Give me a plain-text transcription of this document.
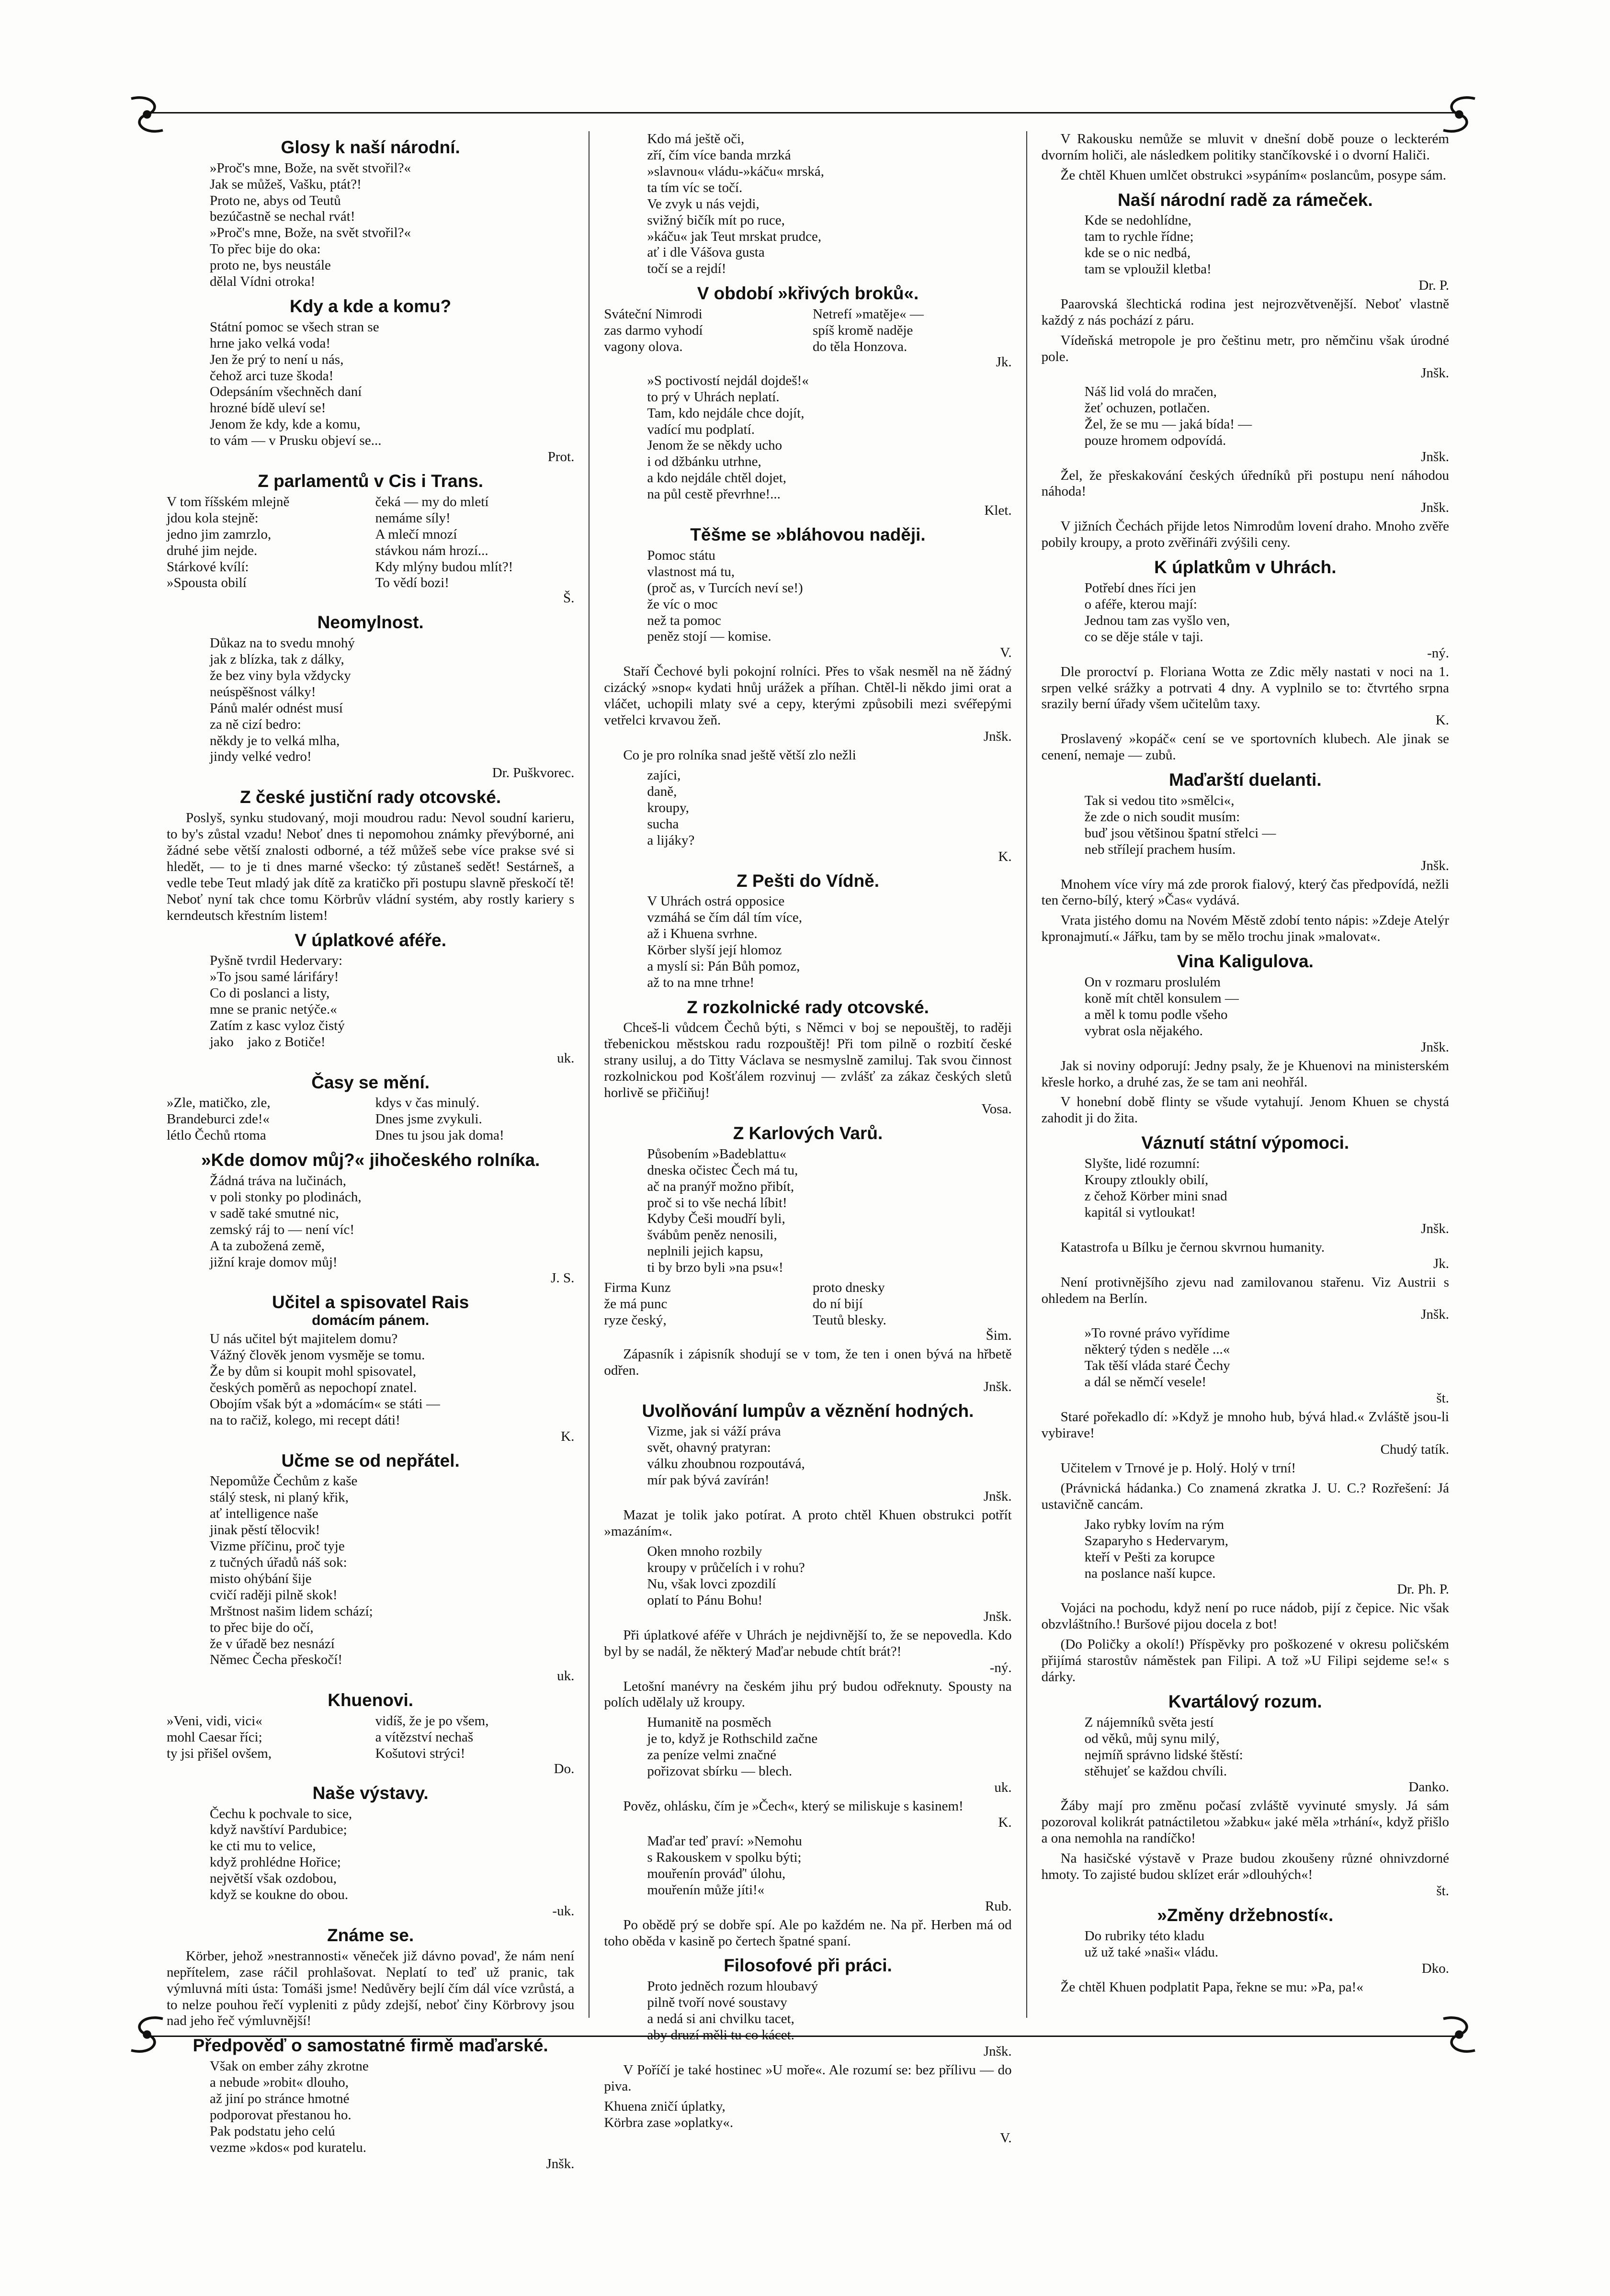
Glosy k naší národní.
»Proč's mne, Bože, na svět stvořil?«
Jak se můžeš, Vašku, ptát?!
Proto ne, abys od Teutů
bezúčastně se nechal rvát!
»Proč's mne, Bože, na svět stvořil?«
To přec bije do oka:
proto ne, bys neustále
dělal Vídni otroka!
Kdy a kde a komu?
Státní pomoc se všech stran se
hrne jako velká voda!
Jen že prý to není u nás,
čehož arci tuze škoda!
Odepsáním všechněch daní
hrozné bídě uleví se!
Jenom že kdy, kde a komu,
to vám — v Prusku objeví se...
Prot.
Z parlamentů v Cis i Trans.
V tom říšském mlejně
jdou kola stejně:
jedno jim zamrzlo,
druhé jim nejde.
Stárkové kvílí:
»Spousta obilí
čeká — my do mletí
nemáme síly!
A mlečí mnozí
stávkou nám hrozí...
Kdy mlýny budou mlít?!
To vědí bozi!
Š.
Neomylnost.
Důkaz na to svedu mnohý
jak z blízka, tak z dálky,
že bez viny byla vždycky
neúspěšnost války!
Pánů malér odnést musí
za ně cizí bedro:
někdy je to velká mlha,
jindy velké vedro!
Dr. Puškvorec.
Z české justiční rady otcovské.
Poslyš, synku studovaný, moji moudrou radu: Nevol soudní karieru, to by's zůstal vzadu! Neboť dnes ti nepomohou známky převýborné, ani žádné sebe větší znalosti odborné, a též můžeš sebe více prakse své si hledět, — to je ti dnes marné všecko: tý zůstaneš sedět! Sestárneš, a vedle tebe Teut mladý jak dítě za kratičko při postupu slavně přeskočí tě! Neboť nyní tak chce tomu Körbrův vládní systém, aby rostly kariery s kerndeutsch křestním listem!
V úplatkové aféře.
Pyšně tvrdil Hedervary:
»To jsou samé lárifáry!
Co di poslanci a listy,
mne se pranic netýče.«
Zatím z kasc vyloz čistý
jako    jako z Botiče!
uk.
Časy se mění.
»Zle, matičko, zle,
Brandeburci zde!«
létlo Čechů rtoma
kdys v čas minulý.
Dnes jsme zvykuli.
Dnes tu jsou jak doma!
»Kde domov můj?« jihočeského rolníka.
Žádná tráva na lučinách,
v poli stonky po plodinách,
v sadě také smutné nic,
zemský ráj to — není víc!
A ta zubožená země,
jižní kraje domov můj!
J. S.
Učitel a spisovatel Rais
domácím pánem.
U nás učitel být majitelem domu?
Vážný člověk jenom vysměje se tomu.
Že by dům si koupit mohl spisovatel,
českých poměrů as nepochopí znatel.
Obojím však být a »domácím« se státi —
na to račiž, kolego, mi recept dáti!
K.
Učme se od nepřátel.
Nepomůže Čechům z kaše
stálý stesk, ni planý křik,
ať intelligence naše
jinak pěstí tělocvik!
Vizme příčinu, proč tyje
z tučných úřadů náš sok:
misto ohýbání šije
cvičí raději pilně skok!
Mrštnost našim lidem schází;
to přec bije do očí,
že v úřadě bez nesnází
Němec Čecha přeskočí!
uk.
Khuenovi.
»Veni, vidi, vici«
mohl Caesar říci;
ty jsi přišel ovšem,
vidíš, že je po všem,
a vítězství nechaš
Košutovi strýci!
Do.
Naše výstavy.
Čechu k pochvale to sice,
když navštíví Pardubice;
ke cti mu to velice,
když prohlédne Hořice;
největší však ozdobou,
když se koukne do obou.
-uk.
Známe se.
Körber, jehož »nestrannosti« věneček již dávno povad', že nám není nepřítelem, zase ráčil prohlašovat. Neplatí to teď už pranic, tak výmluvná míti ústa: Tomáši jsme! Nedůvěry bejlí čím dál více vzrůstá, a to nelze pouhou řečí vypleniti z půdy zdejší, neboť činy Körbrovy jsou nad jeho řeč výmluvnější!
Předpověď o samostatné firmě maďarské.
Však on ember záhy zkrotne
a nebude »robit« dlouho,
až jiní po stránce hmotné
podporovat přestanou ho.
Pak podstatu jeho celú
vezme »kdos« pod kuratelu.
Jnšk.
Kdo má ještě oči,
zří, čím více banda mrzká
»slavnou« vládu-»káču« mrská,
ta tím víc se točí.
Ve zvyk u nás vejdi,
svižný bičík mít po ruce,
»káču« jak Teut mrskat prudce,
ať i dle Vášova gusta
točí se a rejdí!
V období »křivých broků«.
Sváteční Nimrodi
zas darmo vyhodí
vagony olova.
Netrefí »matěje« —
spíš kromě naděje
do těla Honzova.
Jk.
»S poctivostí nejdál dojdeš!«
to prý v Uhrách neplatí.
Tam, kdo nejdále chce dojít,
vadící mu podplatí.
Jenom že se někdy ucho
i od džbánku utrhne,
a kdo nejdále chtěl dojet,
na půl cestě převrhne!...
Klet.
Těšme se »bláhovou naději.
Pomoc státu
vlastnost má tu,
(proč as, v Turcích neví se!)
že víc o moc
než ta pomoc
peněz stojí — komise.
V.
Staří Čechové byli pokojní rolníci. Přes to však nesměl na ně žádný cizácký »snop« kydati hnůj urážek a příhan. Chtěl-li někdo jimi orat a vláčet, uchopili mlaty své a cepy, kterými způsobili mezi svéřepými vetřelci krvavou žeň.
Jnšk.
Co je pro rolníka snad ještě větší zlo nežli
zajíci,
daně,
kroupy,
sucha
a lijáky?
K.
Z Pešti do Vídně.
V Uhrách ostrá opposice
vzmáhá se čím dál tím více,
až i Khuena svrhne.
Körber slyší její hlomoz
a myslí si: Pán Bůh pomoz,
až to na mne trhne!
Z rozkolnické rady otcovské.
Chceš-li vůdcem Čechů býti, s Němci v boj se nepouštěj, to raději třebenickou městskou radu rozpouštěj! Při tom pilně o rozbití české strany usiluj, a do Titty Václava se nesmyslně zamiluj. Tak svou činnost rozkolnickou pod Košťálem rozvinuj — zvlášť za zákaz českých sletů horlivě se přičiňuj!
Vosa.
Z Karlových Varů.
Působením »Badeblattu«
dneska očistec Čech má tu,
ač na pranýř možno přibít,
proč si to vše nechá líbit!
Kdyby Češi moudří byli,
švábům peněz nenosili,
neplnili jejich kapsu,
ti by brzo byli »na psu«!
Firma Kunz
že má punc
ryze český,
proto dnesky
do ní bijí
Teutů blesky.
Šim.
Zápasník i zápisník shodují se v tom, že ten i onen bývá na hřbetě odřen.
Jnšk.
Uvolňování lumpův a věznění hodných.
Vizme, jak si váží práva
svět, ohavný pratyran:
válku zhoubnou rozpoutává,
mír pak bývá zavírán!
Jnšk.
Mazat je tolik jako potírat. A proto chtěl Khuen obstrukci potřít »mazáním«.
Oken mnoho rozbily
kroupy v průčelích i v rohu?
Nu, však lovci zpozdilí
oplatí to Pánu Bohu!
Jnšk.
Při úplatkové aféře v Uhrách je nejdivnější to, že se nepovedla. Kdo byl by se nadál, že některý Maďar nebude chtít brát?!
-ný.
Letošní manévry na českém jihu prý budou odřeknuty. Spousty na polích udělaly už kroupy.
Humanitě na posměch
je to, když je Rothschild začne
za peníze velmi značné
pořizovat sbírku — blech.
uk.
Pověz, ohlásku, čím je »Čech«, který se miliskuje s kasinem!
K.
Maďar teď praví: »Nemohu
s Rakouskem v spolku býti;
mouřenín prováď' úlohu,
mouřenín může jíti!«
Rub.
Po obědě prý se dobře spí. Ale po každém ne. Na př. Herben má od toho oběda v kasině po čertech špatné spaní.
Filosofové při práci.
Proto jedněch rozum hloubavý
pilně tvoří nové soustavy
a nedá si ani chvilku tacet,
aby druzí měli tu co kácet.
Jnšk.
V Poříčí je také hostinec »U moře«. Ale rozumí se: bez přílivu — do piva.
Khuena zničí úplatky,
Körbra zase »oplatky«.
V.
V Rakousku nemůže se mluvit v dnešní době pouze o leckterém dvorním holiči, ale následkem politiky stančíkovské i o dvorní Haliči.
Že chtěl Khuen umlčet obstrukci »sypáním« poslancům, posype sám.
Naší národní radě za rámeček.
Kde se nedohlídne,
tam to rychle řídne;
kde se o nic nedbá,
tam se vploužil kletba!
Dr. P.
Paarovská šlechtická rodina jest nejrozvětvenější. Neboť vlastně každý z nás pochází z páru.
Vídeňská metropole je pro češtinu metr, pro němčinu však úrodné pole.
Jnšk.
Náš lid volá do mračen,
žeť ochuzen, potlačen.
Žel, že se mu — jaká bída! —
pouze hromem odpovídá.
Jnšk.
Žel, že přeskakování českých úředníků při postupu není náhodou náhoda!
Jnšk.
V jižních Čechách přijde letos Nimrodům lovení draho. Mnoho zvěře pobily kroupy, a proto zvěřináři zvýšili ceny.
K úplatkům v Uhrách.
Potřebí dnes říci jen
o aféře, kterou mají:
Jednou tam zas vyšlo ven,
co se děje stále v taji.
-ný.
Dle proroctví p. Floriana Wotta ze Zdic měly nastati v noci na 1. srpen velké srážky a potrvati 4 dny. A vyplnilo se to: čtvrtého srpna srazily berní úřady všem učitelům taxy.
K.
Proslavený »kopáč« cení se ve sportovních klubech. Ale jinak se cenení, nemaje — zubů.
Maďarští duelanti.
Tak si vedou tito »smělci«,
že zde o nich soudit musím:
buď jsou většinou špatní střelci —
neb střílejí prachem husím.
Jnšk.
Mnohem více víry má zde prorok fialový, který čas předpovídá, nežli ten černo-bílý, který »Čas« vydává.
Vrata jistého domu na Novém Městě zdobí tento nápis: »Zdeje Atelýr kpronajmutí.« Jářku, tam by se mělo trochu jinak »malovat«.
Vina Kaligulova.
On v rozmaru proslulém
koně mít chtěl konsulem —
a měl k tomu podle všeho
vybrat osla nějakého.
Jnšk.
Jak si noviny odporují: Jedny psaly, že je Khuenovi na ministerském křesle horko, a druhé zas, že se tam ani neohřál.
V honební době flinty se všude vytahují. Jenom Khuen se chystá zahodit ji do žita.
Váznutí státní výpomoci.
Slyšte, lidé rozumní:
Kroupy ztloukly obilí,
z čehož Körber mini snad
kapitál si vytloukat!
Jnšk.
Katastrofa u Bílku je černou skvrnou humanity.
Jk.
Není protivnějšího zjevu nad zamilovanou stařenu. Viz Austrii s ohledem na Berlín.
Jnšk.
»To rovné právo vyřídime
některý týden s neděle ...«
Tak těší vláda staré Čechy
a dál se němčí vesele!
št.
Staré pořekadlo dí: »Když je mnoho hub, bývá hlad.« Zvláště jsou-li vybirave!
Chudý tatík.
Učitelem v Trnové je p. Holý. Holý v trní!
(Právnická hádanka.) Co znamená zkratka J. U. C.? Rozřešení: Já ustavičně cancám.
Jako rybky lovím na rým
Szaparyho s Hedervarym,
kteří v Pešti za korupce
na poslance naší kupce.
Dr. Ph. P.
Vojáci na pochodu, když není po ruce nádob, pijí z čepice. Nic však obzvláštního.! Buršové pijou docela z bot!
(Do Poličky a okolí!) Příspěvky pro poškozené v okresu poličském přijímá starostův náměstek pan Filipi. A tož »U Filipi sejdeme se!« s dárky.
Kvartálový rozum.
Z nájemníků světa jestí
od věků, můj synu milý,
nejmíň správno lidské štěstí:
stěhujeť se každou chvíli.
Danko.
Žáby mají pro změnu počasí zvláště vyvinuté smysly. Já sám pozoroval kolikrát patnáctiletou »žabku« jaké měla »trhání«, když přišlo a ona nemohla na randíčko!
Na hasičské výstavě v Praze budou zkoušeny různé ohnivzdorné hmoty. To zajisté budou sklízet erár »dlouhých«!
št.
»Změny držebností«.
Do rubriky této kladu
už už také »naši« vládu.
Dko.
Že chtěl Khuen podplatit Papa, řekne se mu: »Pa, pa!«
